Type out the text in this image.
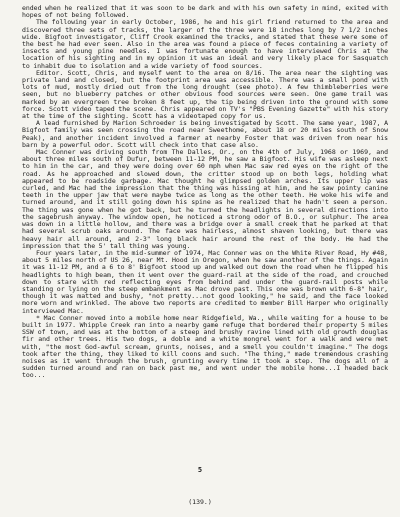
ended when he realized that it was soon to be dark and with his own safety in mind, exited with hopes of not being followed.

The following year in early October, 1986, he and his girl friend returned to the area and discovered three sets of tracks, the larger of the three were 18 inches long by 7 1/2 inches wide. Bigfoot investigator, Cliff Crook examined the tracks, and stated that these were some of the best he had ever seen. Also in the area was found a piece of feces containing a variety of insects and young pine needles. I was fortunate enough to have interviewed Chris at the location of his sighting and in my opinion it was an ideal and very likely place for Sasquatch to inhabit due to isolation and a wide variety of food sources.

Editor. Scott, Chris, and myself went to the area on 8/16. The area near the sighting was private land and closed, but the footprint area was accessible. There was a small pond with lots of mud, mostly dried out from the long drought (see photo). A few thimbleberries were seen, but no blueberry patches or other obvious food sources were seen. One game trail was marked by an evergreen tree broken 8 feet up, the tip being driven into the ground with some force. Scott video taped the scene. Chris appeared on TV's "PBS Evening Gazette" with his story at the time of the sighting. Scott has a videotaped copy for us.

A lead furnished by Marion Schroeder is being investigated by Scott. The same year, 1987, A Bigfoot family was seen crossing the road near Sweethome, about 18 or 20 miles south of Snow Peak), and another incident involved a farmer at nearby Foster that was driven from near his barn by a powerful odor. Scott will check into that case also.

Mac Conner was driving south from The Dalles, Or., on the 4th of July, 1968 or 1969, and about three miles south of Dufur, between 11-12 PM, he saw a Bigfoot. His wife was asleep next to him in the car, and they were doing over 60 mph when Mac saw red eyes on the right of the road. As he approached and slowed down, the critter stood up on both legs, holding what appeared to be roadside garbage. Mac thought he glimpsed golden arches. Its upper lip was curled, and Mac had the impression that the thing was hissing at him, and he saw pointy canine teeth in the upper jaw that were maybe twice as long as the other teeth. He woke his wife and turned around, and it still going down his spine as he realized that he hadn't seen a person. The thing was gone when he got back, but he turned the headlights in several directions into the sagebrush anyway. The window open, he noticed a strong odor of B.O., or sulphur. The area was down in a little hollow, and there was a bridge over a small creek that he parked at that had several scrub oaks around. The face was hairless, almost shaven looking, but there was heavy hair all around, and 2-3" long black hair around the rest of the body. He had the impression that the 5' tall thing was young.

Four years later, in the mid-summer of 1974, Mac Conner was on the White River Road, Hy #48, about 5 miles north of US 26, near Mt. Hood in Oregon, when he saw another of the things. Again it was 11-12 PM, and a 6 to 8' Bigfoot stood up and walked out down the road when he flipped his headlights to high beam, then it went over the guard-rail at the side of the road, and crouched down to stare with red reflecting eyes from behind and under the guard-rail posts while standing or lying on the steep embankment as Mac drove past. This one was brown with 6-8" hair, though it was matted and bushy, "not pretty...not good looking," he said, and the face looked more worn and wrinkled. The above two reports are credited to member Bill Harper who originally interviewed Mac.

* Mac Conner moved into a mobile home near Ridgefield, Wa., while waiting for a house to be built in 1977. Whipple Creek ran into a nearby game refuge that bordered their property 5 miles SSW of town, and was at the bottom of a steep and brushy ravine lined with old growth douglas fir and other trees. His two dogs, a doble and a white mongrel went for a walk and were met with, "the most God-awful scream, grunts, noises, and a smell you couldn't imagine." The dogs took after the thing, they liked to kill coons and such. "The thing," made tremendous crashing noises as it went through the brush, grunting every time it took a step. The dogs all of a sudden turned around and ran on back past me, and went under the mobile home...I headed back too...

5
(139.)
